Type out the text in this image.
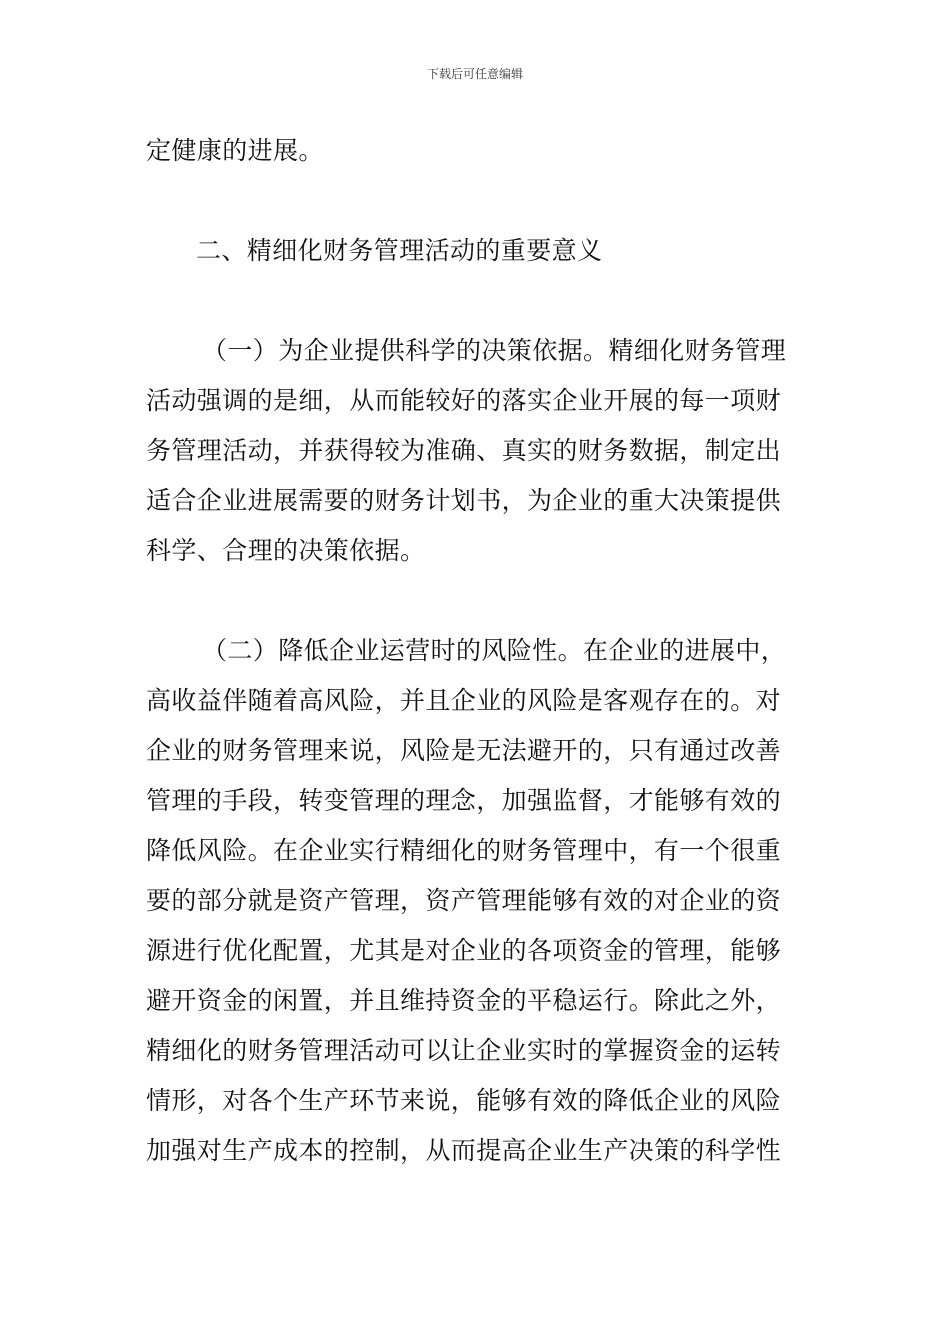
下载后可任意编辑
定健康的进展。
二、精细化财务管理活动的重要意义
（一）为企业提供科学的决策依据。精细化财务管理
活动强调的是细，从而能较好的落实企业开展的每一项财
务管理活动，并获得较为准确、真实的财务数据，制定出
适合企业进展需要的财务计划书，为企业的重大决策提供
科学、合理的决策依据。
（二）降低企业运营时的风险性。在企业的进展中，
高收益伴随着高风险，并且企业的风险是客观存在的。对
企业的财务管理来说，风险是无法避开的，只有通过改善
管理的手段，转变管理的理念，加强监督，才能够有效的
降低风险。在企业实行精细化的财务管理中，有一个很重
要的部分就是资产管理，资产管理能够有效的对企业的资
源进行优化配置，尤其是对企业的各项资金的管理，能够
避开资金的闲置，并且维持资金的平稳运行。除此之外，
精细化的财务管理活动可以让企业实时的掌握资金的运转
情形，对各个生产环节来说，能够有效的降低企业的风险
加强对生产成本的控制，从而提高企业生产决策的科学性
